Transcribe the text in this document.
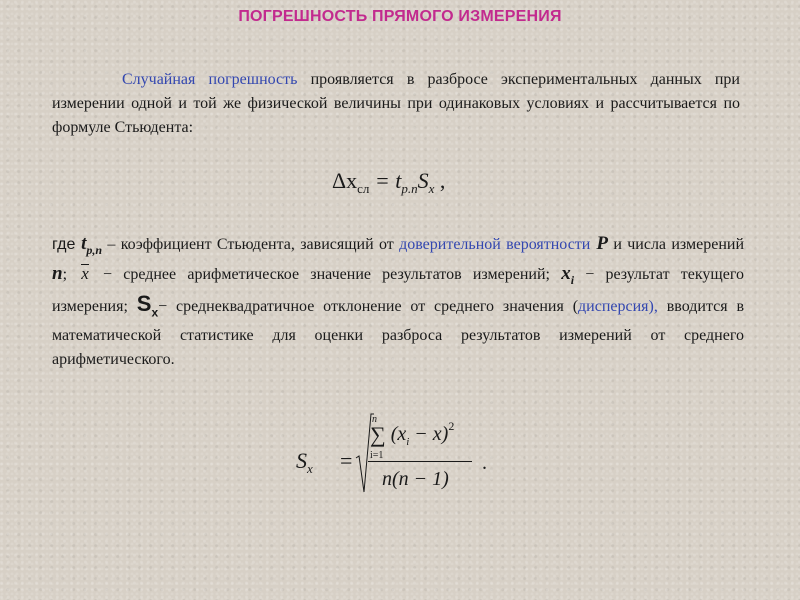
ПОГРЕШНОСТЬ ПРЯМОГО ИЗМЕРЕНИЯ
Случайная погрешность проявляется в разбросе экспериментальных данных при измерении одной и той же физической величины при одинаковых условиях и рассчитывается по формуле Стьюдента:
$\Delta x_{сл} = t_{p.n}S_x$ ,
где $t_{p,n}$ – коэффициент Стьюдента, зависящий от доверительной вероятности P и числа измерений n; x − среднее арифметическое значение результатов измерений; $x_i$ − результат текущего измерения; $S_x-$ среднеквадратичное отклонение от среднего значения (дисперсия), вводится в математической статистике для оценки разброса результатов измерений от среднего арифметического.
$S_x$ =
n
∑
i=1
$(x_i - x)^2$
n(n − 1)
.
